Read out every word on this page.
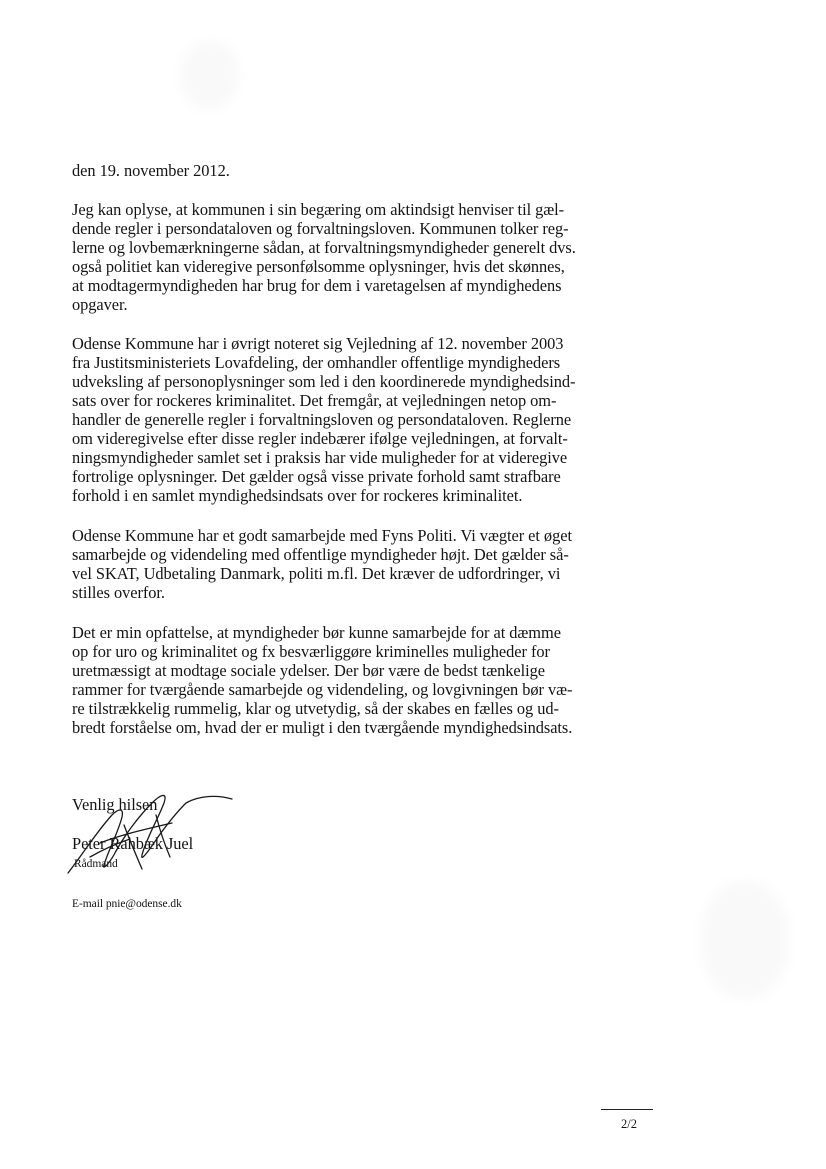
den 19. november 2012.
Jeg kan oplyse, at kommunen i sin begæring om aktindsigt henviser til gæl-
dende regler i persondataloven og forvaltningsloven. Kommunen tolker reg-
lerne og lovbemærkningerne sådan, at forvaltningsmyndigheder generelt dvs.
også politiet kan videregive personfølsomme oplysninger, hvis det skønnes,
at modtagermyndigheden har brug for dem i varetagelsen af myndighedens
opgaver.
Odense Kommune har i øvrigt noteret sig Vejledning af 12. november 2003
fra Justitsministeriets Lovafdeling, der omhandler offentlige myndigheders
udveksling af personoplysninger som led i den koordinerede myndighedsind-
sats over for rockeres kriminalitet. Det fremgår, at vejledningen netop om-
handler de generelle regler i forvaltningsloven og persondataloven. Reglerne
om videregivelse efter disse regler indebærer ifølge vejledningen, at forvalt-
ningsmyndigheder samlet set i praksis har vide muligheder for at videregive
fortrolige oplysninger. Det gælder også visse private forhold samt strafbare
forhold i en samlet myndighedsindsats over for rockeres kriminalitet.
Odense Kommune har et godt samarbejde med Fyns Politi. Vi vægter et øget
samarbejde og videndeling med offentlige myndigheder højt. Det gælder så-
vel SKAT, Udbetaling Danmark, politi m.fl. Det kræver de udfordringer, vi
stilles overfor.
Det er min opfattelse, at myndigheder bør kunne samarbejde for at dæmme
op for uro og kriminalitet og fx besværliggøre kriminelles muligheder for
uretmæssigt at modtage sociale ydelser. Der bør være de bedst tænkelige
rammer for tværgående samarbejde og videndeling, og lovgivningen bør væ-
re tilstrækkelig rummelig, klar og utvetydig, så der skabes en fælles og ud-
bredt forståelse om, hvad der er muligt i den tværgående myndighedsindsats.
Venlig hilsen
Peter Rahbæk Juel
Rådmand
E-mail pnie@odense.dk
2/2
